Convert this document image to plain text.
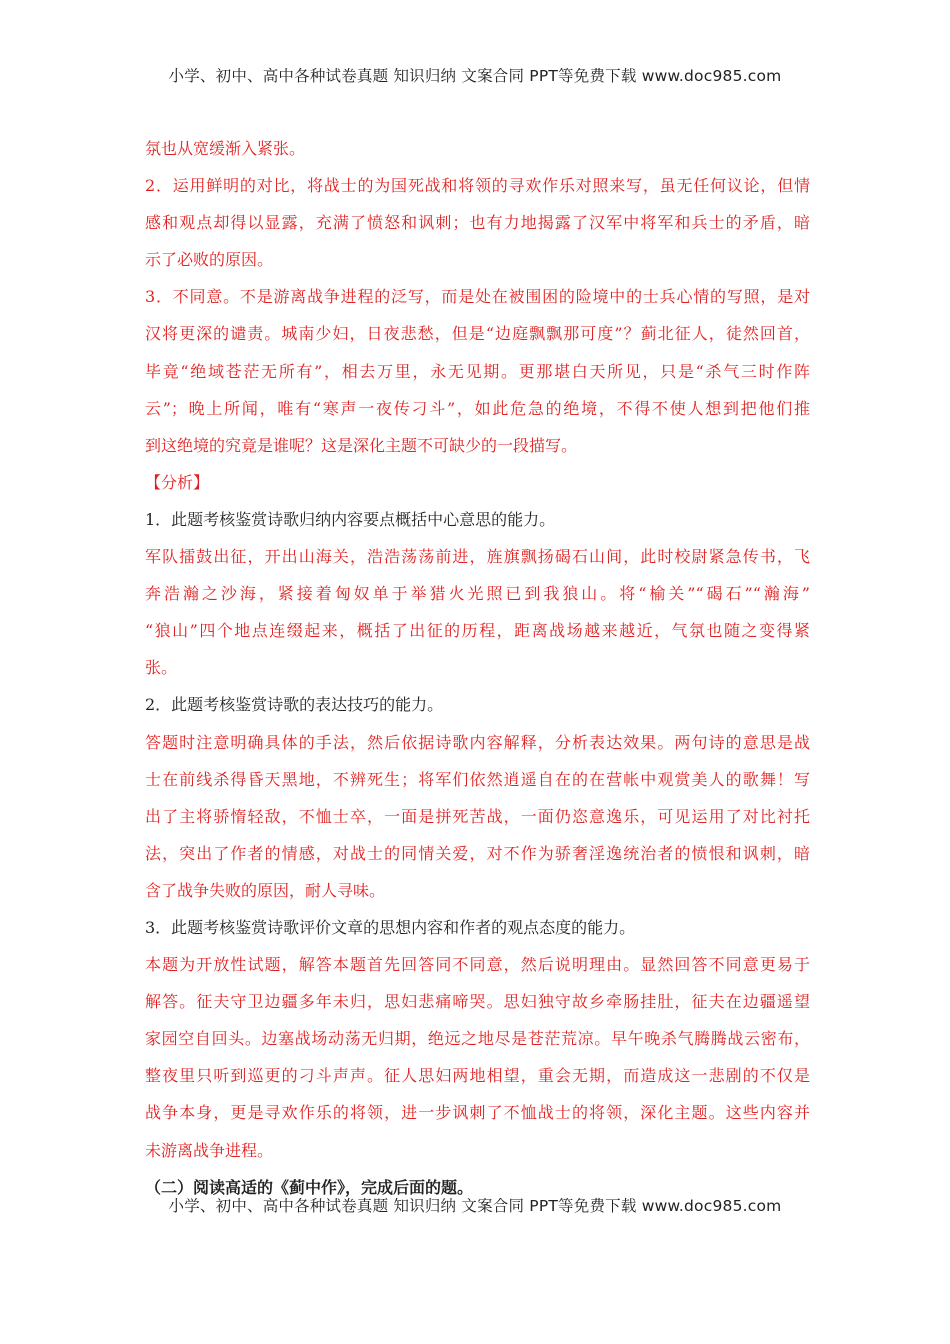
小学、初中、高中各种试卷真题 知识归纳 文案合同 PPT等免费下载 www.doc985.com
氛也从宽缓渐入紧张。
2．运用鲜明的对比，将战士的为国死战和将领的寻欢作乐对照来写，虽无任何议论，但情
感和观点却得以显露，充满了愤怒和讽刺；也有力地揭露了汉军中将军和兵士的矛盾，暗
示了必败的原因。
3．不同意。不是游离战争进程的泛写，而是处在被围困的险境中的士兵心情的写照，是对
汉将更深的谴责。城南少妇，日夜悲愁，但是“边庭飘飘那可度”？蓟北征人，徒然回首，
毕竟“绝域苍茫无所有”，相去万里，永无见期。更那堪白天所见，只是“杀气三时作阵
云”；晚上所闻，唯有“寒声一夜传刁斗”，如此危急的绝境，不得不使人想到把他们推
到这绝境的究竟是谁呢？这是深化主题不可缺少的一段描写。
【分析】
1．此题考核鉴赏诗歌归纳内容要点概括中心意思的能力。
军队擂鼓出征，开出山海关，浩浩荡荡前进，旌旗飘扬碣石山间，此时校尉紧急传书，飞
奔浩瀚之沙海，紧接着匈奴单于举猎火光照已到我狼山。将“榆关”“碣石”“瀚海”
“狼山”四个地点连缀起来，概括了出征的历程，距离战场越来越近，气氛也随之变得紧
张。
2．此题考核鉴赏诗歌的表达技巧的能力。
答题时注意明确具体的手法，然后依据诗歌内容解释，分析表达效果。两句诗的意思是战
士在前线杀得昏天黑地，不辨死生；将军们依然逍遥自在的在营帐中观赏美人的歌舞！写
出了主将骄惰轻敌，不恤士卒，一面是拼死苦战，一面仍恣意逸乐，可见运用了对比衬托
法，突出了作者的情感，对战士的同情关爱，对不作为骄奢淫逸统治者的愤恨和讽刺，暗
含了战争失败的原因，耐人寻味。
3．此题考核鉴赏诗歌评价文章的思想内容和作者的观点态度的能力。
本题为开放性试题，解答本题首先回答同不同意，然后说明理由。显然回答不同意更易于
解答。征夫守卫边疆多年未归，思妇悲痛啼哭。思妇独守故乡牵肠挂肚，征夫在边疆遥望
家园空自回头。边塞战场动荡无归期，绝远之地尽是苍茫荒凉。早午晚杀气腾腾战云密布，
整夜里只听到巡更的刁斗声声。征人思妇两地相望，重会无期，而造成这一悲剧的不仅是
战争本身，更是寻欢作乐的将领，进一步讽刺了不恤战士的将领，深化主题。这些内容并
未游离战争进程。
（二）阅读高适的《蓟中作》，完成后面的题。
小学、初中、高中各种试卷真题 知识归纳 文案合同 PPT等免费下载 www.doc985.com
